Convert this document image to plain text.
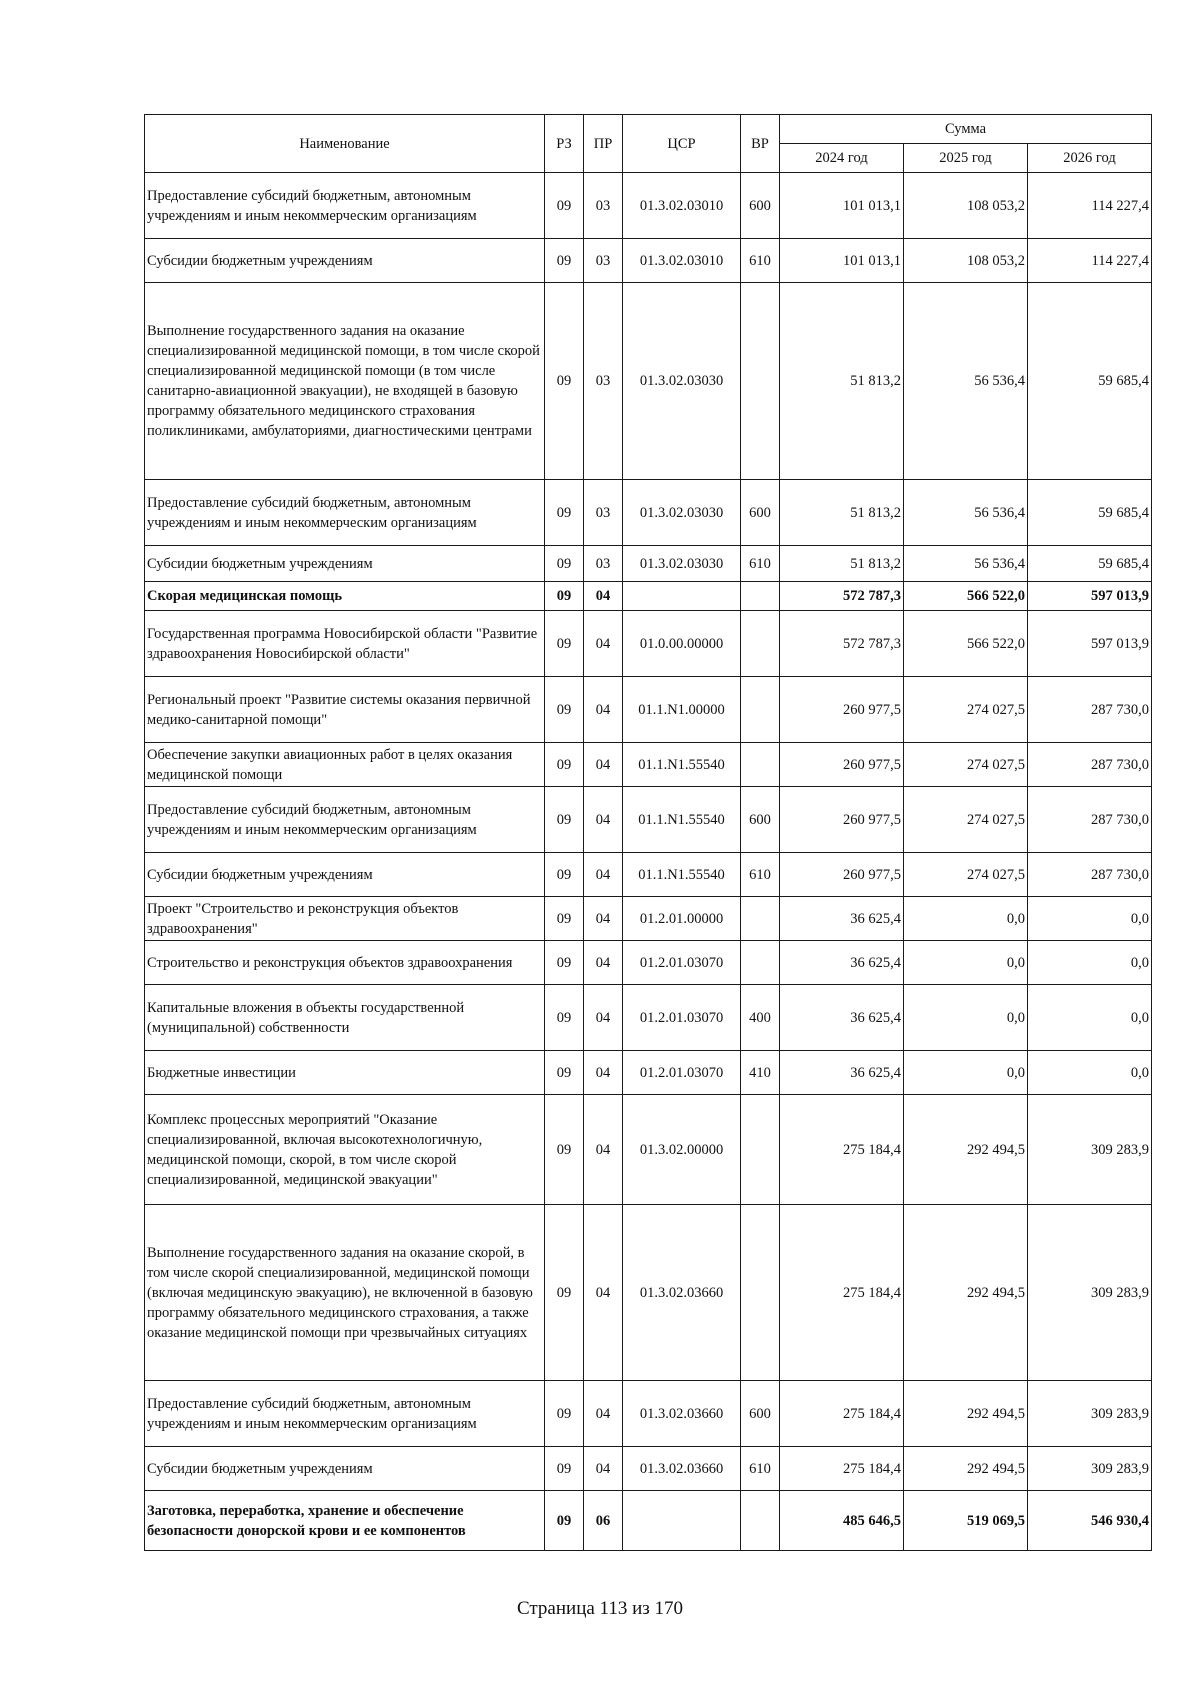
Наименование	РЗ	ПР	ЦСР	ВР	Сумма		
					2024 год	2025 год	2026 год
Предоставление субсидий бюджетным, автономным учреждениям и иным некоммерческим организациям	09	03	01.3.02.03010	600	101 013,1	108 053,2	114 227,4
Субсидии бюджетным учреждениям	09	03	01.3.02.03010	610	101 013,1	108 053,2	114 227,4
Выполнение государственного задания на оказание специализированной медицинской помощи, в том числе скорой специализированной медицинской помощи (в том числе санитарно-авиационной эвакуации), не входящей в базовую программу обязательного медицинского страхования поликлиниками, амбулаториями, диагностическими центрами	09	03	01.3.02.03030		51 813,2	56 536,4	59 685,4
Предоставление субсидий бюджетным, автономным учреждениям и иным некоммерческим организациям	09	03	01.3.02.03030	600	51 813,2	56 536,4	59 685,4
Субсидии бюджетным учреждениям	09	03	01.3.02.03030	610	51 813,2	56 536,4	59 685,4
Скорая медицинская помощь	09	04			572 787,3	566 522,0	597 013,9
Государственная программа Новосибирской области "Развитие здравоохранения Новосибирской области"	09	04	01.0.00.00000		572 787,3	566 522,0	597 013,9
Региональный проект "Развитие системы оказания первичной медико-санитарной помощи"	09	04	01.1.N1.00000		260 977,5	274 027,5	287 730,0
Обеспечение закупки авиационных работ в целях оказания медицинской помощи	09	04	01.1.N1.55540		260 977,5	274 027,5	287 730,0
Предоставление субсидий бюджетным, автономным учреждениям и иным некоммерческим организациям	09	04	01.1.N1.55540	600	260 977,5	274 027,5	287 730,0
Субсидии бюджетным учреждениям	09	04	01.1.N1.55540	610	260 977,5	274 027,5	287 730,0
Проект "Строительство и реконструкция объектов здравоохранения"	09	04	01.2.01.00000		36 625,4	0,0	0,0
Строительство и реконструкция объектов здравоохранения	09	04	01.2.01.03070		36 625,4	0,0	0,0
Капитальные вложения в объекты государственной (муниципальной) собственности	09	04	01.2.01.03070	400	36 625,4	0,0	0,0
Бюджетные инвестиции	09	04	01.2.01.03070	410	36 625,4	0,0	0,0
Комплекс процессных мероприятий "Оказание специализированной, включая высокотехнологичную, медицинской помощи, скорой, в том числе скорой специализированной, медицинской эвакуации"	09	04	01.3.02.00000		275 184,4	292 494,5	309 283,9
Выполнение государственного задания на оказание скорой, в том числе скорой специализированной, медицинской помощи (включая медицинскую эвакуацию), не включенной в базовую программу обязательного медицинского страхования, а также оказание медицинской помощи при чрезвычайных ситуациях	09	04	01.3.02.03660		275 184,4	292 494,5	309 283,9
Предоставление субсидий бюджетным, автономным учреждениям и иным некоммерческим организациям	09	04	01.3.02.03660	600	275 184,4	292 494,5	309 283,9
Субсидии бюджетным учреждениям	09	04	01.3.02.03660	610	275 184,4	292 494,5	309 283,9
Заготовка, переработка, хранение и обеспечение безопасности донорской крови и ее компонентов	09	06			485 646,5	519 069,5	546 930,4
Страница 113 из 170
